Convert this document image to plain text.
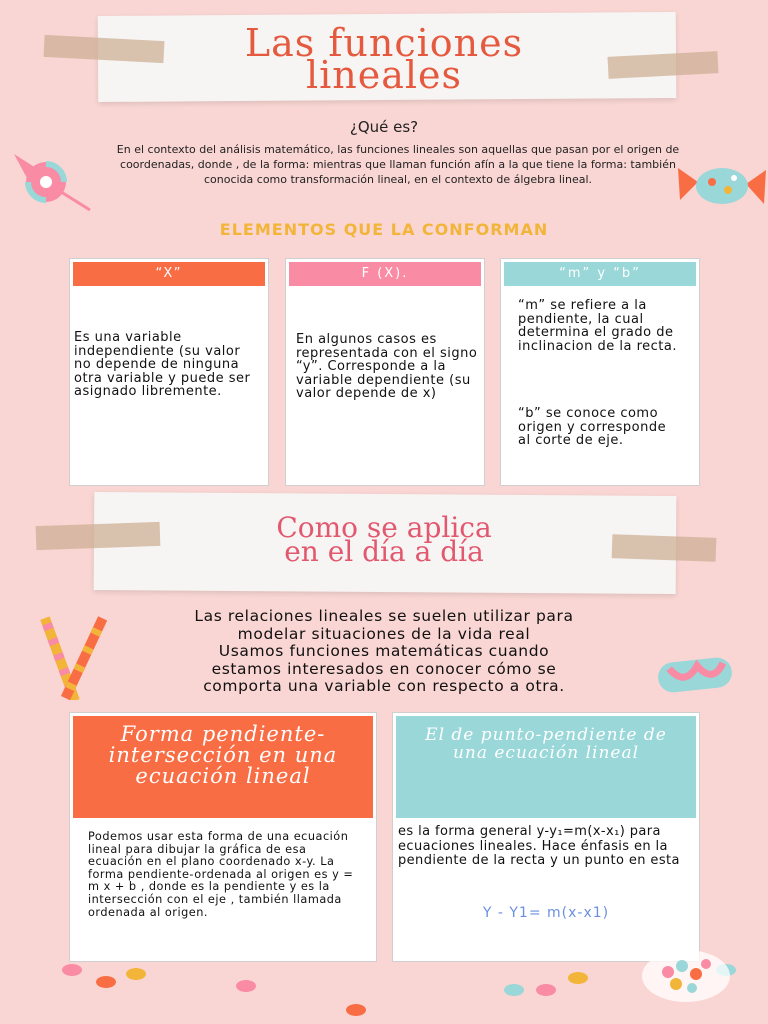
Las funciones
lineales
¿Qué es?
En el contexto del análisis matemático, las funciones lineales son aquellas que pasan por el origen de coordenadas, donde , de la forma: mientras que llaman función afín a la que tiene la forma: también conocida como transformación lineal, en el contexto de álgebra lineal.
ELEMENTOS QUE LA CONFORMAN
“X”
Es una variable independiente (su valor no depende de ninguna otra variable y puede ser asignado libremente.
F (X).
En algunos casos es representada con el signo “y”. Corresponde a la variable dependiente (su valor depende de x)
“m” y “b”
“m” se refiere a la pendiente, la cual determina el grado de inclinacion de la recta.
“b” se conoce como origen y corresponde al corte de eje.
Como se aplica
en el día a día
Las relaciones lineales se suelen utilizar para
modelar situaciones de la vida real
Usamos funciones matemáticas cuando
estamos interesados en conocer cómo se
comporta una variable con respecto a otra.
Forma pendiente-intersección en una ecuación lineal
Podemos usar esta forma de una ecuación lineal para dibujar la gráfica de esa ecuación en el plano coordenado x-y. La forma pendiente-ordenada al origen es y = m x + b , donde es la pendiente y es la intersección con el eje , también llamada ordenada al origen.
El de punto-pendiente de una ecuación lineal
es la forma general y-y₁=m(x-x₁) para ecuaciones lineales. Hace énfasis en la pendiente de la recta y un punto en esta
Y - Y1= m(x-x1)
